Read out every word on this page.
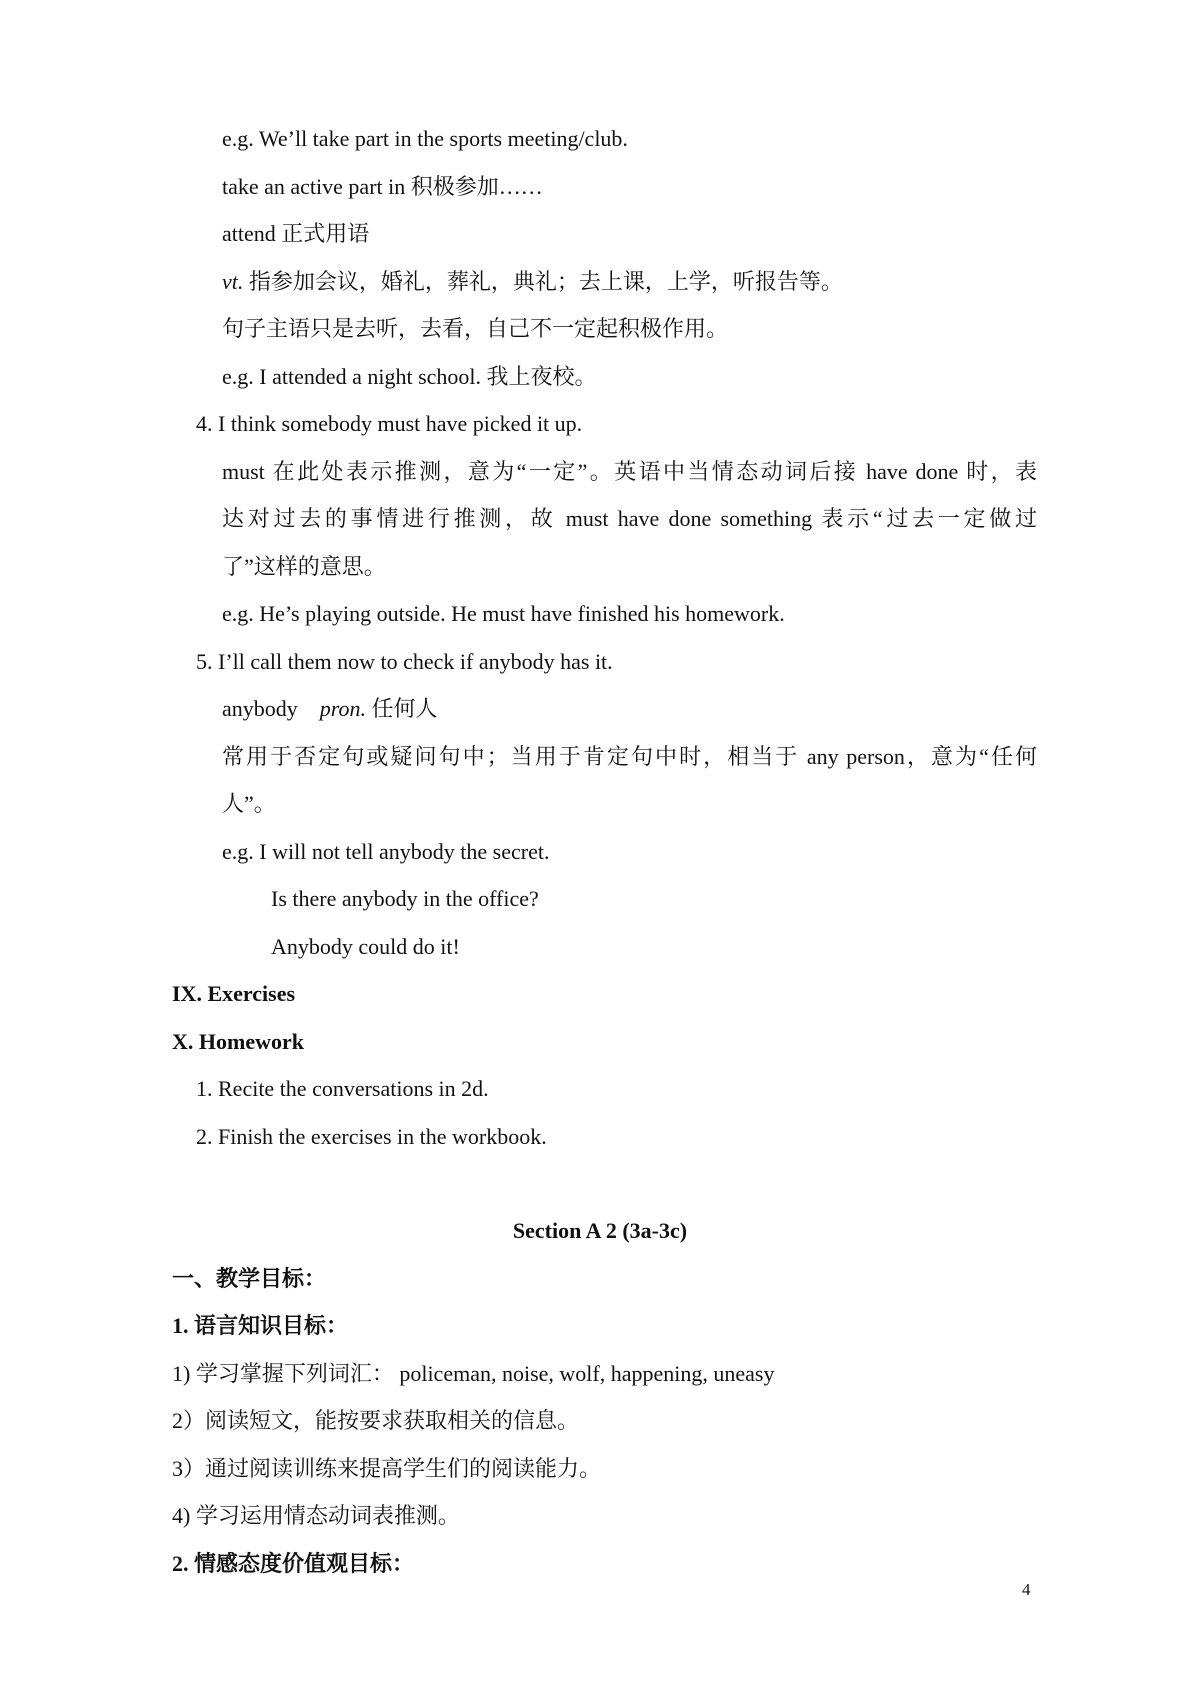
e.g. We’ll take part in the sports meeting/club.
take an active part in 积极参加……
attend 正式用语
vt. 指参加会议，婚礼，葬礼，典礼；去上课，上学，听报告等。
句子主语只是去听，去看，自己不一定起积极作用。
e.g. I attended a night school. 我上夜校。
4. I think somebody must have picked it up.
must 在此处表示推测，意为“一定”。英语中当情态动词后接 have done 时，表
达对过去的事情进行推测，故 must have done something 表示“过去一定做过
了”这样的意思。
e.g. He’s playing outside. He must have finished his homework.
5. I’ll call them now to check if anybody has it.
anybody pron. 任何人
常用于否定句或疑问句中；当用于肯定句中时，相当于 any person，意为“任何
人”。
e.g. I will not tell anybody the secret.
Is there anybody in the office?
Anybody could do it!
IX. Exercises
X. Homework
1. Recite the conversations in 2d.
2. Finish the exercises in the workbook.
Section A 2 (3a-3c)
一、教学目标：
1. 语言知识目标：
1) 学习掌握下列词汇： policeman, noise, wolf, happening, uneasy
2）阅读短文，能按要求获取相关的信息。
3）通过阅读训练来提高学生们的阅读能力。
4) 学习运用情态动词表推测。
2. 情感态度价值观目标：
4
